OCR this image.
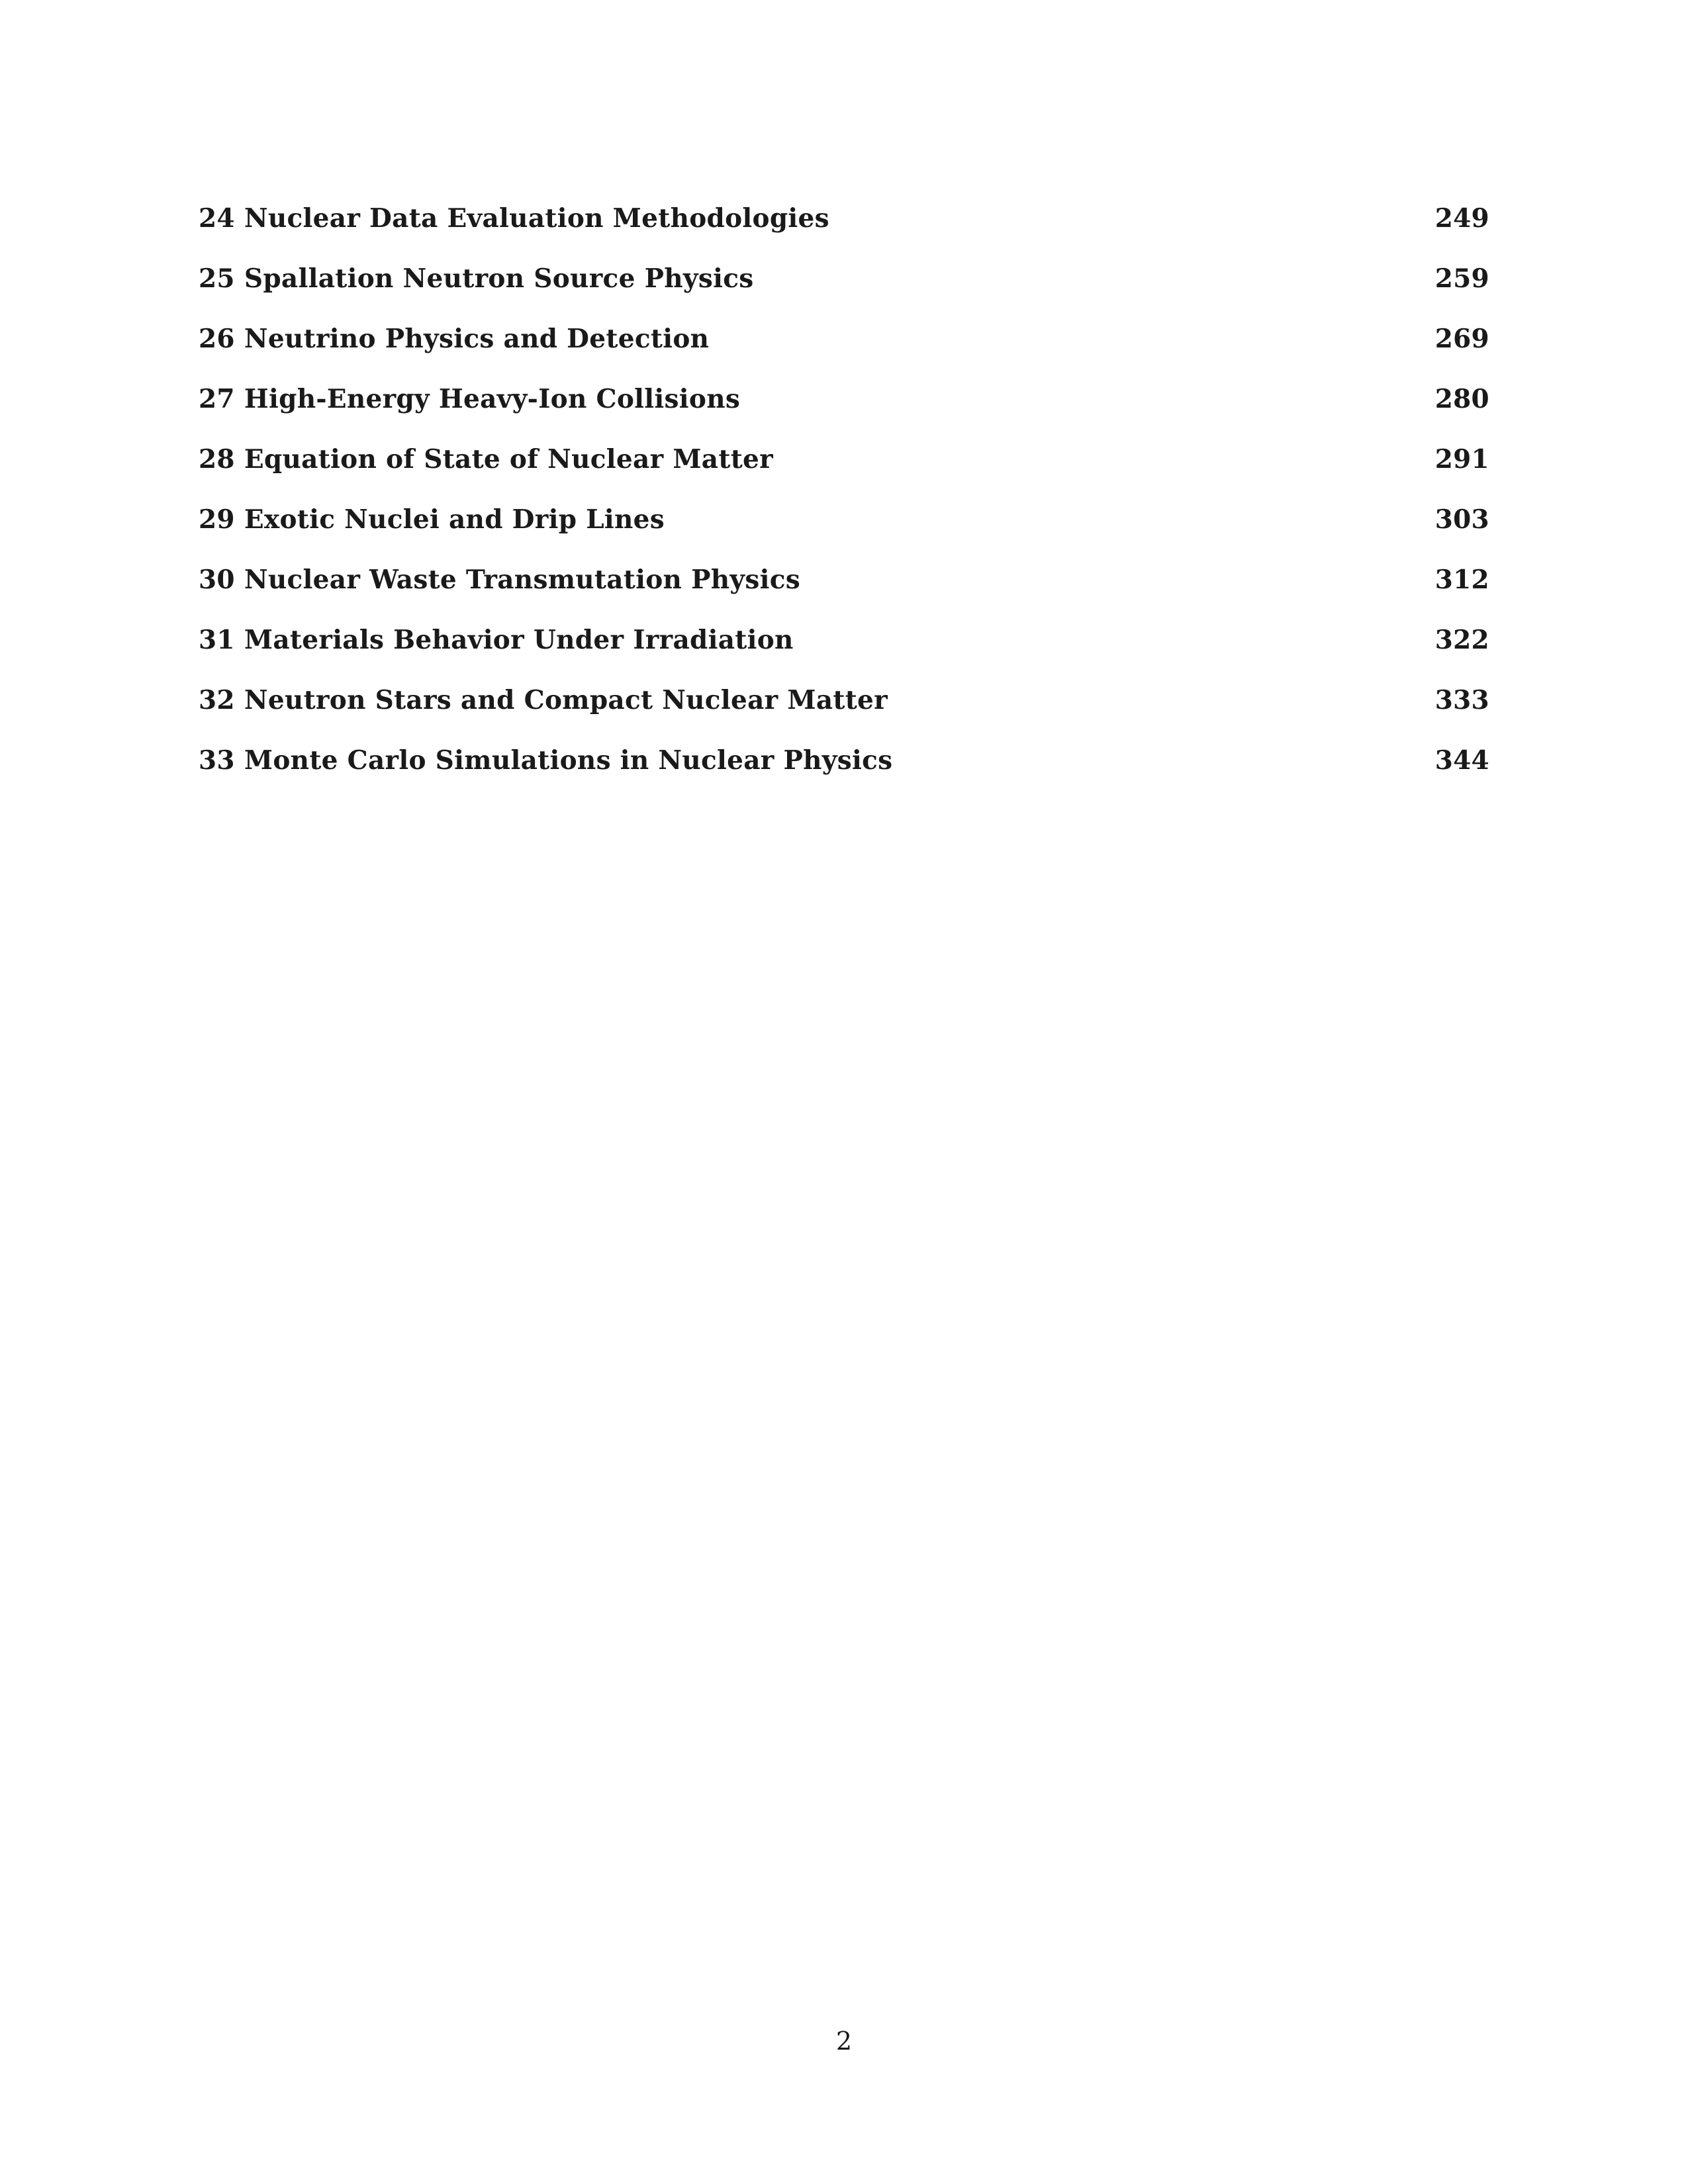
24 Nuclear Data Evaluation Methodologies	249
25 Spallation Neutron Source Physics	259
26 Neutrino Physics and Detection	269
27 High-Energy Heavy-Ion Collisions	280
28 Equation of State of Nuclear Matter	291
29 Exotic Nuclei and Drip Lines	303
30 Nuclear Waste Transmutation Physics	312
31 Materials Behavior Under Irradiation	322
32 Neutron Stars and Compact Nuclear Matter	333
33 Monte Carlo Simulations in Nuclear Physics	344
2
